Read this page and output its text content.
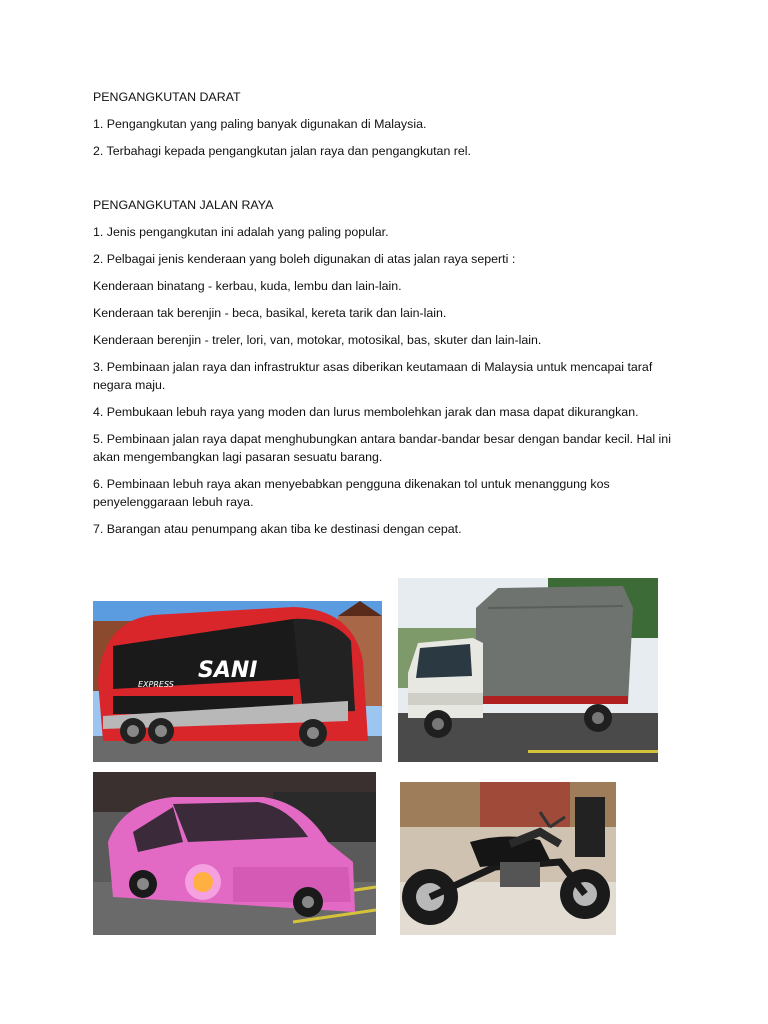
PENGANGKUTAN DARAT

1. Pengangkutan yang paling banyak digunakan di Malaysia.

2. Terbahagi kepada pengangkutan jalan raya dan pengangkutan rel.

PENGANGKUTAN JALAN RAYA

1. Jenis pengangkutan ini adalah yang paling popular.

2. Pelbagai jenis kenderaan yang boleh digunakan di atas jalan raya seperti :

Kenderaan binatang - kerbau, kuda, lembu dan lain-lain.

Kenderaan tak berenjin - beca, basikal, kereta tarik dan lain-lain.

Kenderaan berenjin - treler, lori, van, motokar, motosikal, bas, skuter dan lain-lain.

3. Pembinaan jalan raya dan infrastruktur asas diberikan keutamaan di Malaysia untuk mencapai taraf negara maju.

4. Pembukaan lebuh raya yang moden dan lurus membolehkan jarak dan masa dapat dikurangkan.

5. Pembinaan jalan raya dapat menghubungkan antara bandar-bandar besar dengan bandar kecil. Hal ini akan mengembangkan lagi pasaran sesuatu barang.

6. Pembinaan lebuh raya akan menyebabkan pengguna dikenakan tol untuk menanggung kos penyelenggaraan lebuh raya.

7. Barangan atau penumpang akan tiba ke destinasi dengan cepat.

SANI
EXPRESS
